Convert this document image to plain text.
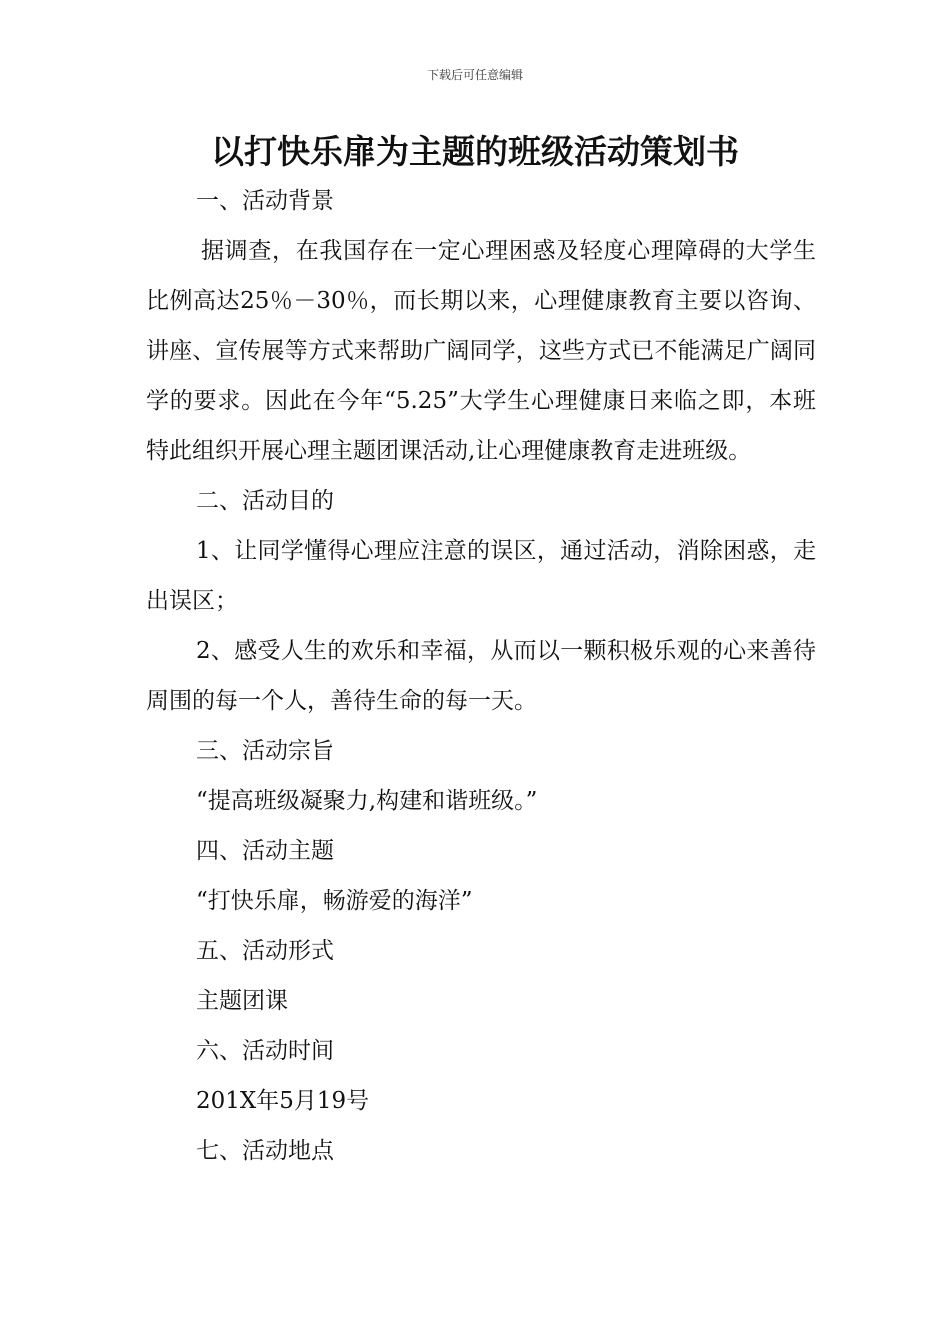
下载后可任意编辑
以打快乐扉为主题的班级活动策划书

一、活动背景

据调查，在我国存在一定心理困惑及轻度心理障碍的大学生比例高达25％－30％，而长期以来，心理健康教育主要以咨询、讲座、宣传展等方式来帮助广阔同学，这些方式已不能满足广阔同学的要求。因此在今年“5.25”大学生心理健康日来临之即，本班特此组织开展心理主题团课活动,让心理健康教育走进班级。

二、活动目的

1、让同学懂得心理应注意的误区，通过活动，消除困惑，走出误区；

2、感受人生的欢乐和幸福，从而以一颗积极乐观的心来善待周围的每一个人，善待生命的每一天。

三、活动宗旨

“提高班级凝聚力,构建和谐班级。”

四、活动主题

“打快乐扉，畅游爱的海洋”

五、活动形式

主题团课

六、活动时间

201X年5月19号

七、活动地点
